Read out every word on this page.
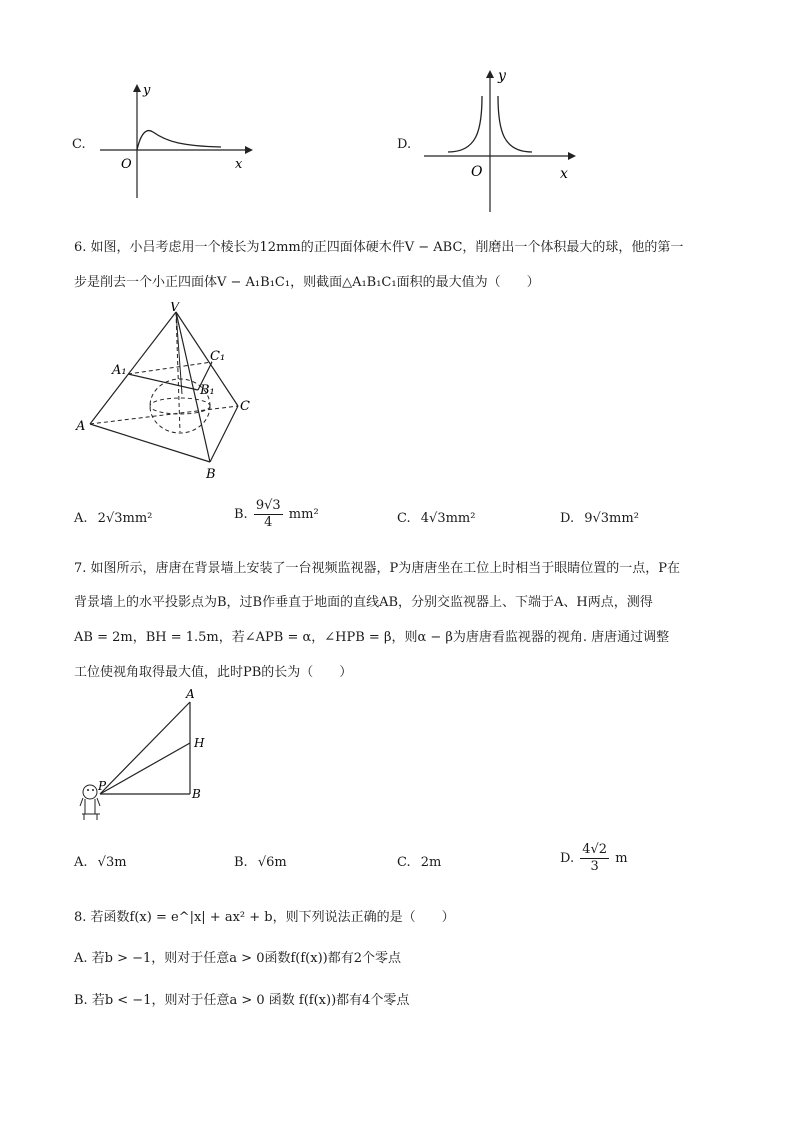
C.
y
x
O
D.
y
x
O
6. 如图，小吕考虑用一个棱长为12mm的正四面体硬木件V − ABC，削磨出一个体积最大的球，他的第一
步是削去一个小正四面体V − A₁B₁C₁，则截面△A₁B₁C₁面积的最大值为（　　）
V
A₁
C₁
B₁
C
A
B
A. 2√3mm²	B. $\frac{9√3}{4} mm^2$	C. 4√3mm²	D. 9√3mm²
7. 如图所示，唐唐在背景墙上安装了一台视频监视器，P为唐唐坐在工位上时相当于眼睛位置的一点，P在
背景墙上的水平投影点为B，过B作垂直于地面的直线AB，分别交监视器上、下端于A、H两点，测得
AB = 2m，BH = 1.5m，若∠APB = α，∠HPB = β，则α − β为唐唐看监视器的视角. 唐唐通过调整
工位使视角取得最大值，此时PB的长为（　　）
A
H
P
B
A. √3m	B. √6m	C. 2m	D. $\frac{4√2}{3}$ m
8. 若函数f(x) = e^|x| + ax² + b，则下列说法正确的是（　　）
A. 若b > −1，则对于任意a > 0函数f(f(x))都有2个零点
B. 若b < −1，则对于任意a > 0 函数 f(f(x))都有4个零点
